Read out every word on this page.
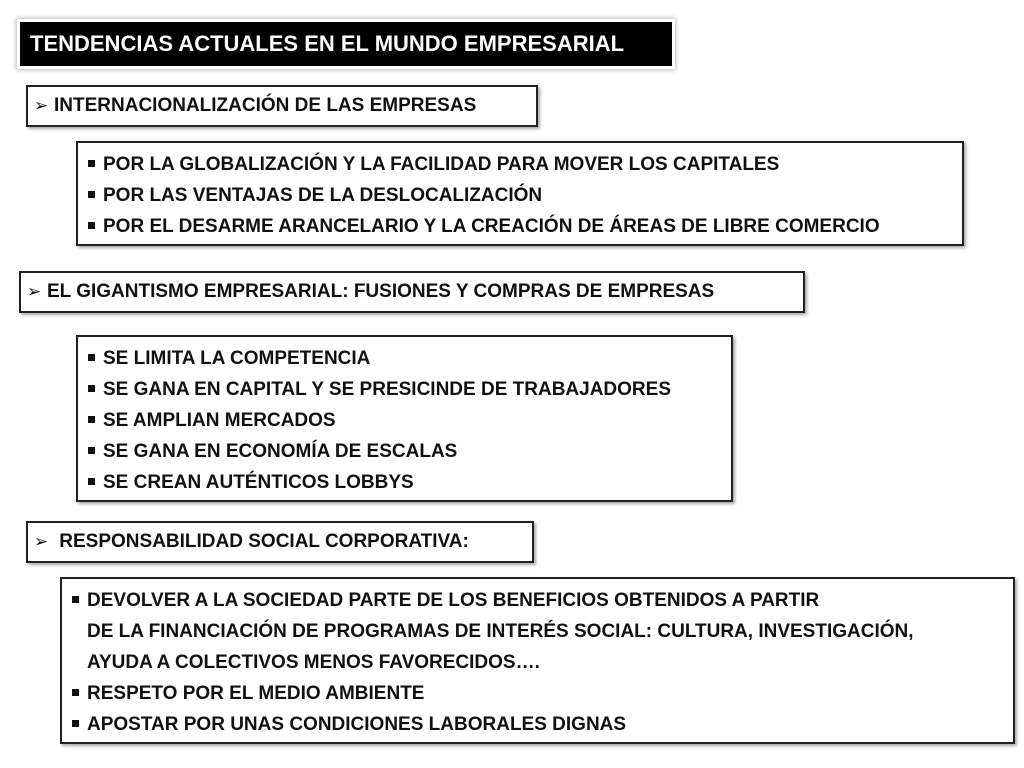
TENDENCIAS ACTUALES EN EL MUNDO EMPRESARIAL
➢ INTERNACIONALIZACIÓN DE LAS EMPRESAS
POR LA GLOBALIZACIÓN Y LA FACILIDAD PARA MOVER LOS CAPITALES
POR LAS VENTAJAS DE LA DESLOCALIZACIÓN
POR EL DESARME ARANCELARIO Y LA CREACIÓN DE ÁREAS DE LIBRE COMERCIO
➢ EL GIGANTISMO EMPRESARIAL: FUSIONES Y COMPRAS DE EMPRESAS
SE LIMITA LA COMPETENCIA
SE GANA EN CAPITAL Y SE PRESICINDE DE TRABAJADORES
SE AMPLIAN MERCADOS
SE GANA EN ECONOMÍA DE ESCALAS
SE CREAN AUTÉNTICOS LOBBYS
➢ RESPONSABILIDAD SOCIAL CORPORATIVA:
DEVOLVER A LA SOCIEDAD PARTE DE LOS BENEFICIOS OBTENIDOS A PARTIR
DE LA FINANCIACIÓN DE PROGRAMAS DE INTERÉS SOCIAL: CULTURA, INVESTIGACIÓN,
AYUDA A COLECTIVOS MENOS FAVORECIDOS….
RESPETO POR EL MEDIO AMBIENTE
APOSTAR POR UNAS CONDICIONES LABORALES DIGNAS
